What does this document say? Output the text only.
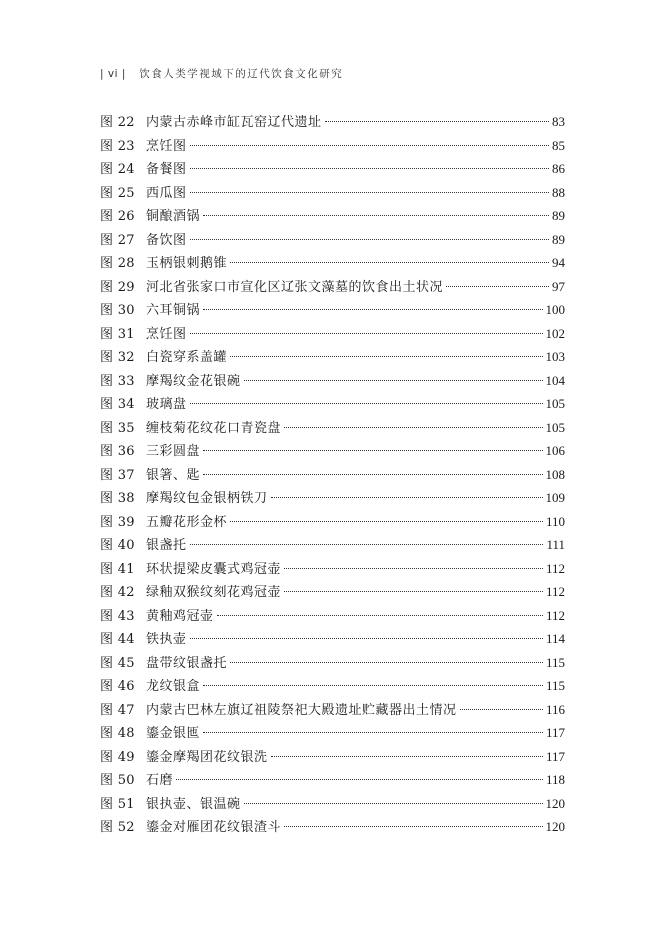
| vi | 饮食人类学视域下的辽代饮食文化研究
图 22 内蒙古赤峰市缸瓦窑辽代遗址	83
图 23 烹饪图	85
图 24 备餐图	86
图 25 西瓜图	88
图 26 铜酿酒锅	89
图 27 备饮图	89
图 28 玉柄银刺鹅锥	94
图 29 河北省张家口市宣化区辽张文藻墓的饮食出土状况	97
图 30 六耳铜锅	100
图 31 烹饪图	102
图 32 白瓷穿系盖罐	103
图 33 摩羯纹金花银碗	104
图 34 玻璃盘	105
图 35 缠枝菊花纹花口青瓷盘	105
图 36 三彩圆盘	106
图 37 银箸、匙	108
图 38 摩羯纹包金银柄铁刀	109
图 39 五瓣花形金杯	110
图 40 银盏托	111
图 41 环状提梁皮囊式鸡冠壶	112
图 42 绿釉双猴纹刻花鸡冠壶	112
图 43 黄釉鸡冠壶	112
图 44 铁执壶	114
图 45 盘带纹银盏托	115
图 46 龙纹银盒	115
图 47 内蒙古巴林左旗辽祖陵祭祀大殿遗址贮藏器出土情况	116
图 48 鎏金银匜	117
图 49 鎏金摩羯团花纹银洗	117
图 50 石磨	118
图 51 银执壶、银温碗	120
图 52 鎏金对雁团花纹银渣斗	120
